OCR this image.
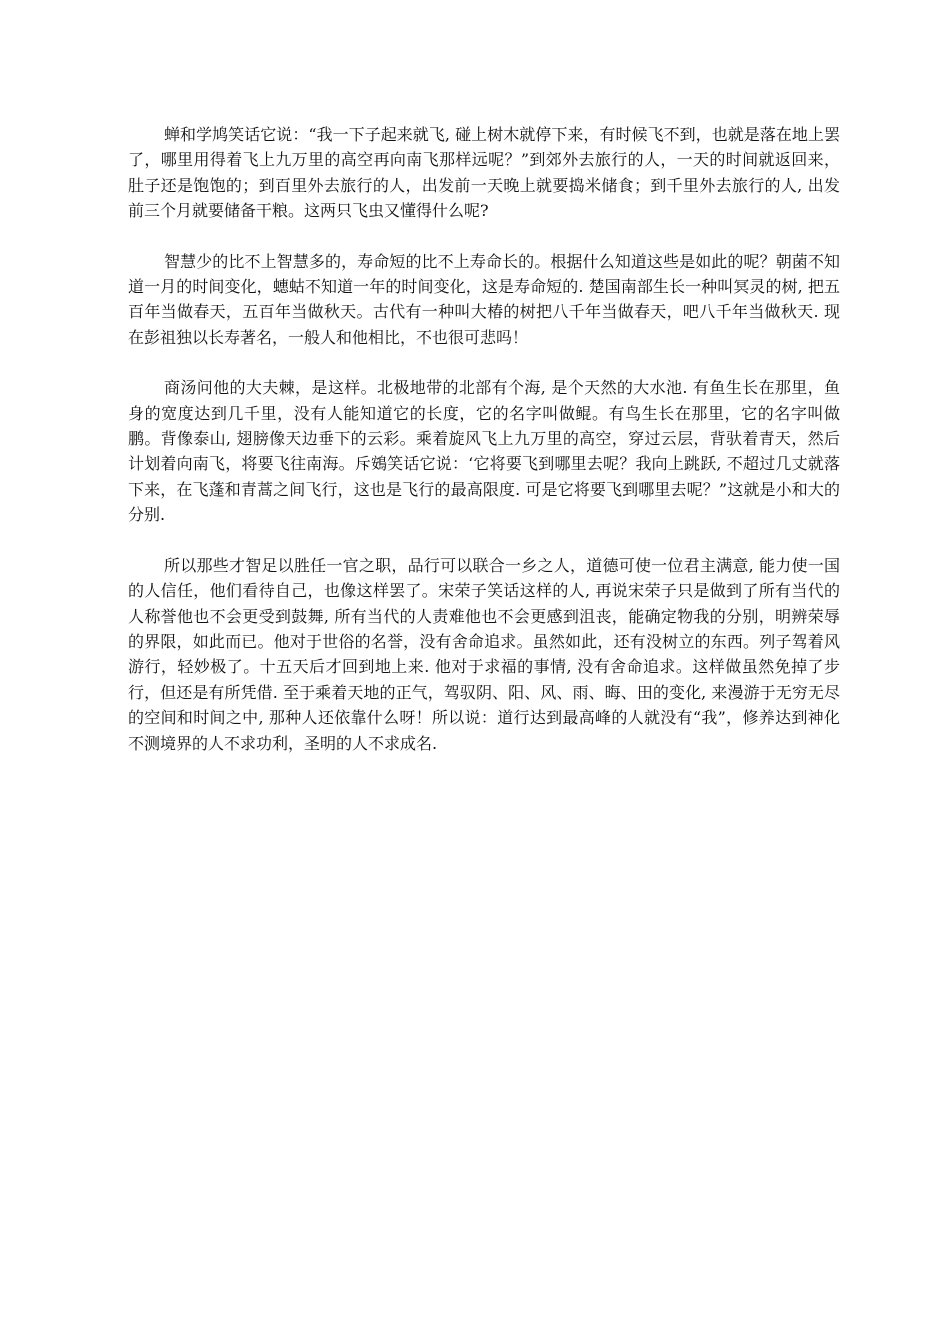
蝉和学鸠笑话它说：“我一下子起来就飞, 碰上树木就停下来，有时候飞不到，也就是落在地上罢了，哪里用得着飞上九万里的高空再向南飞那样远呢？”到郊外去旅行的人，一天的时间就返回来，肚子还是饱饱的；到百里外去旅行的人，出发前一天晚上就要捣米储食；到千里外去旅行的人, 出发前三个月就要储备干粮。这两只飞虫又懂得什么呢?

智慧少的比不上智慧多的，寿命短的比不上寿命长的。根据什么知道这些是如此的呢？朝菌不知道一月的时间变化，蟪蛄不知道一年的时间变化，这是寿命短的. 楚国南部生长一种叫冥灵的树, 把五百年当做春天，五百年当做秋天。古代有一种叫大椿的树把八千年当做春天，吧八千年当做秋天. 现在彭祖独以长寿著名，一般人和他相比，不也很可悲吗！

商汤问他的大夫棘，是这样。北极地带的北部有个海, 是个天然的大水池. 有鱼生长在那里，鱼身的宽度达到几千里，没有人能知道它的长度，它的名字叫做鲲。有鸟生长在那里，它的名字叫做鹏。背像泰山, 翅膀像天边垂下的云彩。乘着旋风飞上九万里的高空，穿过云层，背驮着青天，然后计划着向南飞，将要飞往南海。斥鴳笑话它说：‘它将要飞到哪里去呢？我向上跳跃, 不超过几丈就落下来，在飞蓬和青蒿之间飞行，这也是飞行的最高限度. 可是它将要飞到哪里去呢？”这就是小和大的分别.

所以那些才智足以胜任一官之职，品行可以联合一乡之人，道德可使一位君主满意, 能力使一国的人信任，他们看待自己，也像这样罢了。宋荣子笑话这样的人, 再说宋荣子只是做到了所有当代的人称誉他也不会更受到鼓舞, 所有当代的人责难他也不会更感到沮丧，能确定物我的分别，明辨荣辱的界限，如此而已。他对于世俗的名誉，没有舍命追求。虽然如此，还有没树立的东西。列子驾着风游行，轻妙极了。十五天后才回到地上来. 他对于求福的事情, 没有舍命追求。这样做虽然免掉了步行，但还是有所凭借. 至于乘着天地的正气，驾驭阴、阳、风、雨、晦、田的变化, 来漫游于无穷无尽的空间和时间之中, 那种人还依靠什么呀！所以说：道行达到最高峰的人就没有“我”，修养达到神化不测境界的人不求功利，圣明的人不求成名.
